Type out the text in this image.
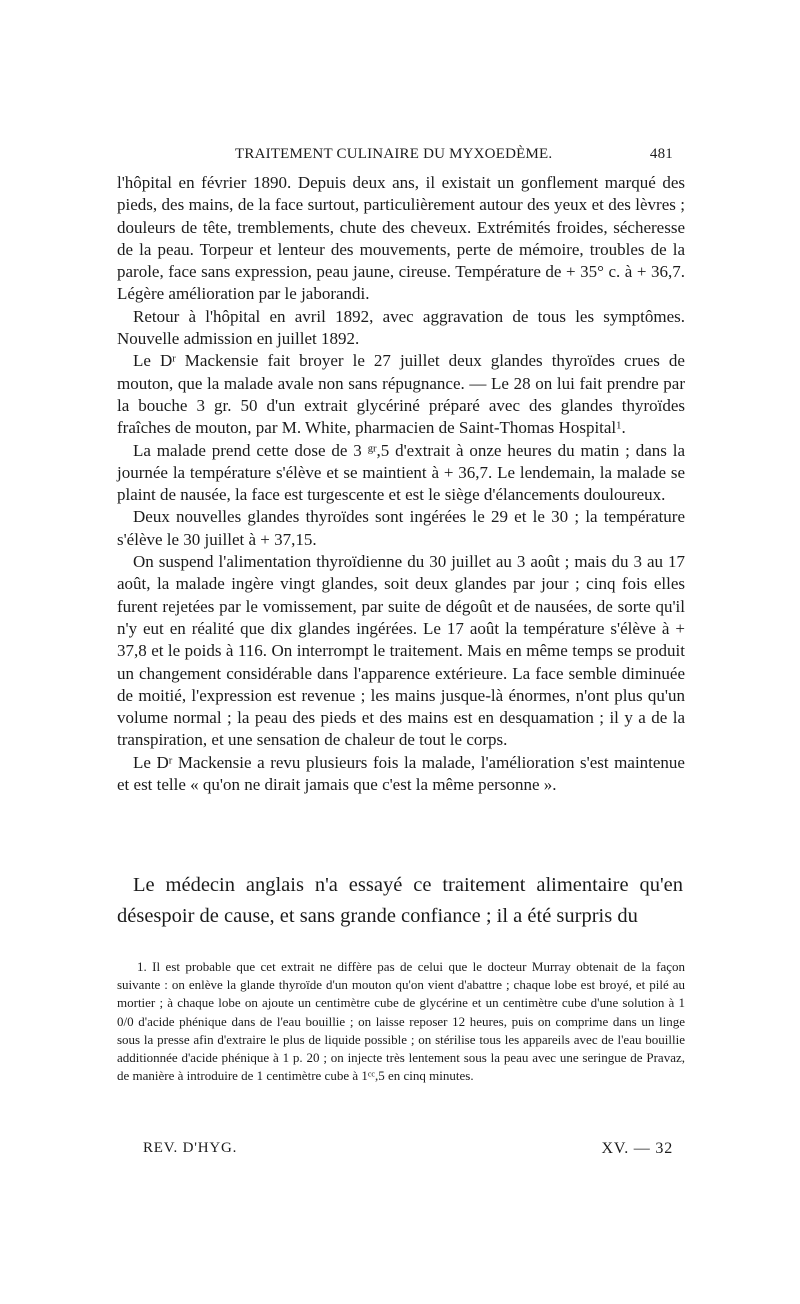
TRAITEMENT CULINAIRE DU MYXOEDÈME.	481

l'hôpital en février 1890. Depuis deux ans, il existait un gonflement marqué des pieds, des mains, de la face surtout, particulièrement autour des yeux et des lèvres ; douleurs de tête, tremblements, chute des cheveux. Extrémités froides, sécheresse de la peau. Torpeur et lenteur des mouvements, perte de mémoire, troubles de la parole, face sans expression, peau jaune, cireuse. Température de + 35° c. à + 36,7. Légère amélioration par le jaborandi.

Retour à l'hôpital en avril 1892, avec aggravation de tous les symptômes. Nouvelle admission en juillet 1892.

Le $D^r$ Mackensie fait broyer le 27 juillet deux glandes thyroïdes crues de mouton, que la malade avale non sans répugnance. — Le 28 on lui fait prendre par la bouche 3 gr. 50 d'un extrait glycériné préparé avec des glandes thyroïdes fraîches de mouton, par M. White, pharmacien de Saint-Thomas Hospital$^1$.

La malade prend cette dose de 3 $^{gr}$,5 d'extrait à onze heures du matin ; dans la journée la température s'élève et se maintient à + 36,7. Le lendemain, la malade se plaint de nausée, la face est turgescente et est le siège d'élancements douloureux.

Deux nouvelles glandes thyroïdes sont ingérées le 29 et le 30 ; la température s'élève le 30 juillet à + 37,15.

On suspend l'alimentation thyroïdienne du 30 juillet au 3 août ; mais du 3 au 17 août, la malade ingère vingt glandes, soit deux glandes par jour ; cinq fois elles furent rejetées par le vomissement, par suite de dégoût et de nausées, de sorte qu'il n'y eut en réalité que dix glandes ingérées. Le 17 août la température s'élève à + 37,8 et le poids à 116. On interrompt le traitement. Mais en même temps se produit un changement considérable dans l'apparence extérieure. La face semble diminuée de moitié, l'expression est revenue ; les mains jusque-là énormes, n'ont plus qu'un volume normal ; la peau des pieds et des mains est en desquamation ; il y a de la transpiration, et une sensation de chaleur de tout le corps.

Le $D^r$ Mackensie a revu plusieurs fois la malade, l'amélioration s'est maintenue et est telle « qu'on ne dirait jamais que c'est la même personne ».

Le médecin anglais n'a essayé ce traitement alimentaire qu'en désespoir de cause, et sans grande confiance ; il a été surpris du

1. Il est probable que cet extrait ne diffère pas de celui que le docteur Murray obtenait de la façon suivante : on enlève la glande thyroïde d'un mouton qu'on vient d'abattre ; chaque lobe est broyé, et pilé au mortier ; à chaque lobe on ajoute un centimètre cube de glycérine et un centimètre cube d'une solution à 1 0/0 d'acide phénique dans de l'eau bouillie ; on laisse reposer 12 heures, puis on comprime dans un linge sous la presse afin d'extraire le plus de liquide possible ; on stérilise tous les appareils avec de l'eau bouillie additionnée d'acide phénique à 1 p. 20 ; on injecte très lentement sous la peau avec une seringue de Pravaz, de manière à introduire de 1 centimètre cube à $1^{cc},5$ en cinq minutes.

REV. D'HYG.	XV. — 32
